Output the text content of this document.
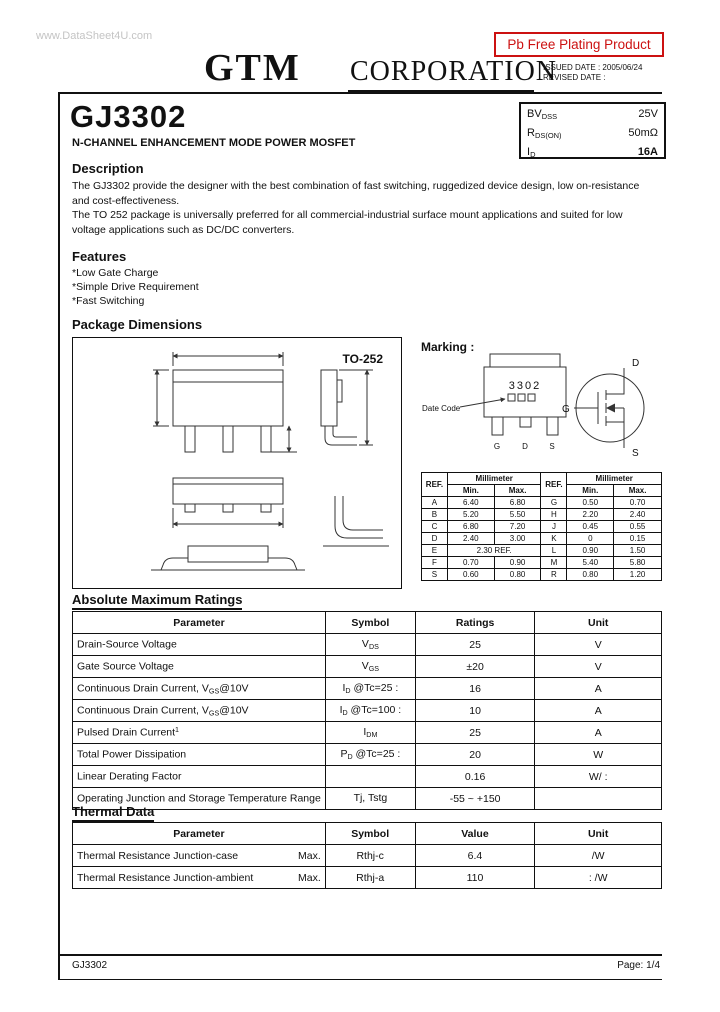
www.DataSheet4U.com
GTM CORPORATION
Pb Free Plating Product
ISSUED DATE : 2005/06/24
REVISED DATE :
GJ3302
N-CHANNEL ENHANCEMENT MODE POWER MOSFET
$BV_{DSS}$	25V
$R_{DS(ON)}$	50mΩ
$I_D$	16A
Description
The GJ3302 provide the designer with the best combination of fast switching, ruggedized device design, low on-resistance and cost-effectiveness.
The TO 252 package is universally preferred for all commercial-industrial surface mount applications and suited for low voltage applications such as DC/DC converters.
Features
*Low Gate Charge
*Simple Drive Requirement
*Fast Switching
Package Dimensions
TO-252
Marking :
3302
Date Code
G	D	S
D
G
S
REF.	Millimeter		REF.	Millimeter	
	Min.	Max.		Min.	Max.
A	6.40	6.80	G	0.50	0.70
B	5.20	5.50	H	2.20	2.40
C	6.80	7.20	J	0.45	0.55
D	2.40	3.00	K	0	0.15
E	2.30 REF.		L	0.90	1.50
F	0.70	0.90	M	5.40	5.80
S	0.60	0.80	R	0.80	1.20
Absolute Maximum Ratings
Parameter	Symbol	Ratings	Unit
Drain-Source Voltage	$V_{DS}$	25	V
Gate Source Voltage	$V_{GS}$	±20	V
Continuous Drain Current, $V_{GS}@10V$	$I_D$ @Tc=25 :	16	A
Continuous Drain Current, $V_{GS}@10V$	$I_D$ @Tc=100 :	10	A
Pulsed Drain Current$^1$	$I_{DM}$	25	A
Total Power Dissipation	$P_D$ @Tc=25 :	20	W
Linear Derating Factor		0.16	W/ :
Operating Junction and Storage Temperature Range	Tj, Tstg	-55 ~ +150	
Thermal Data
Parameter	Symbol	Value	Unit

Thermal Resistance Junction-case Max.	Rthj-c	6.4	/W

Thermal Resistance Junction-ambient Max.	Rthj-a	110	: /W
GJ3302	Page: 1/4
